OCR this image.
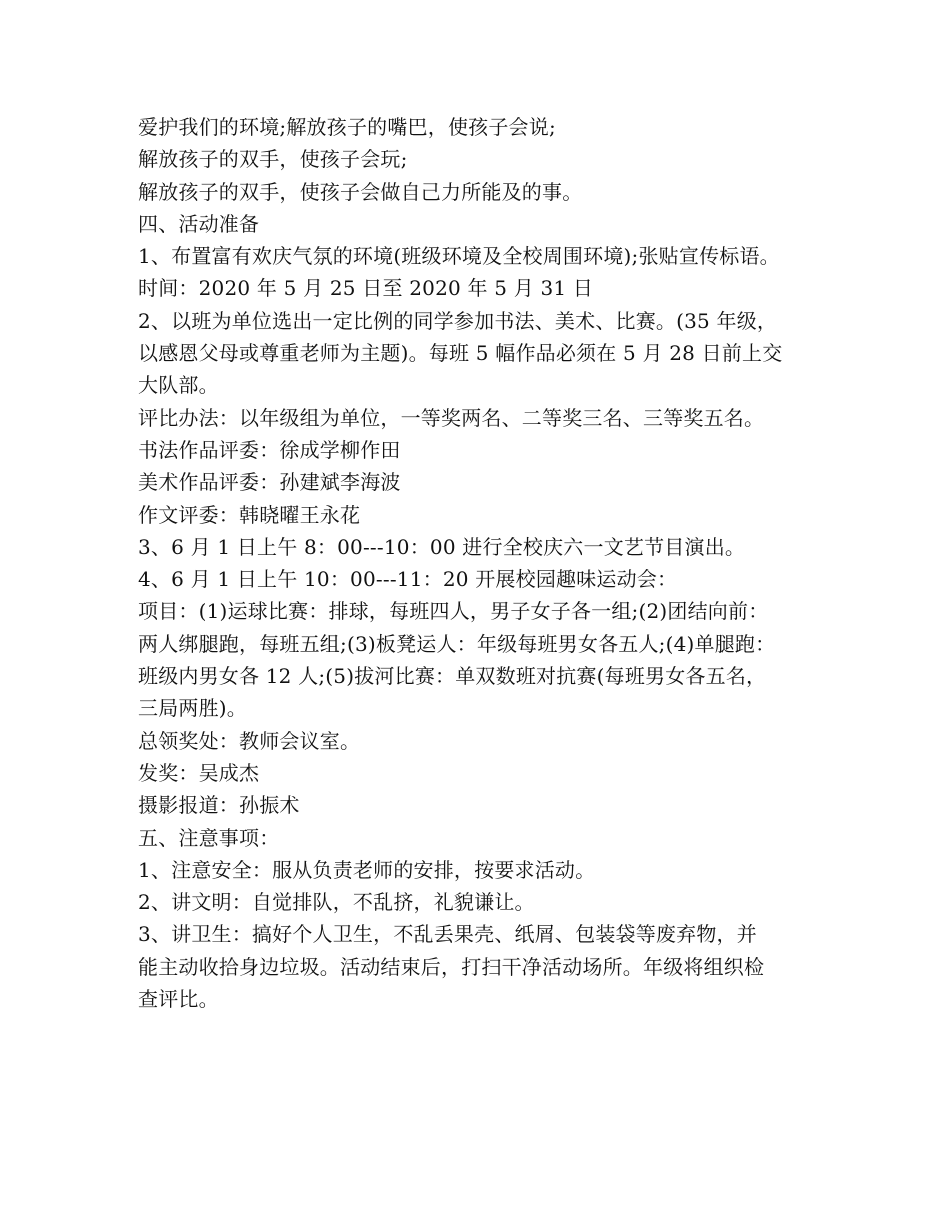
爱护我们的环境;解放孩子的嘴巴，使孩子会说;
解放孩子的双手，使孩子会玩;
解放孩子的双手，使孩子会做自己力所能及的事。
四、活动准备
1、布置富有欢庆气氛的环境(班级环境及全校周围环境);张贴宣传标语。
时间：2020 年 5 月 25 日至 2020 年 5 月 31 日
2、以班为单位选出一定比例的同学参加书法、美术、比赛。(35 年级，
以感恩父母或尊重老师为主题)。每班 5 幅作品必须在 5 月 28 日前上交
大队部。
评比办法：以年级组为单位，一等奖两名、二等奖三名、三等奖五名。
书法作品评委：徐成学柳作田
美术作品评委：孙建斌李海波
作文评委：韩晓曜王永花
3、6 月 1 日上午 8：00---10：00 进行全校庆六一文艺节目演出。
4、6 月 1 日上午 10：00---11：20 开展校园趣味运动会：
项目：(1)运球比赛：排球，每班四人，男子女子各一组;(2)团结向前：
两人绑腿跑，每班五组;(3)板凳运人：年级每班男女各五人;(4)单腿跑：
班级内男女各 12 人;(5)拔河比赛：单双数班对抗赛(每班男女各五名，
三局两胜)。
总领奖处：教师会议室。
发奖：吴成杰
摄影报道：孙振术
五、注意事项：
1、注意安全：服从负责老师的安排，按要求活动。
2、讲文明：自觉排队，不乱挤，礼貌谦让。
3、讲卫生：搞好个人卫生，不乱丢果壳、纸屑、包装袋等废弃物，并
能主动收拾身边垃圾。活动结束后，打扫干净活动场所。年级将组织检
查评比。
